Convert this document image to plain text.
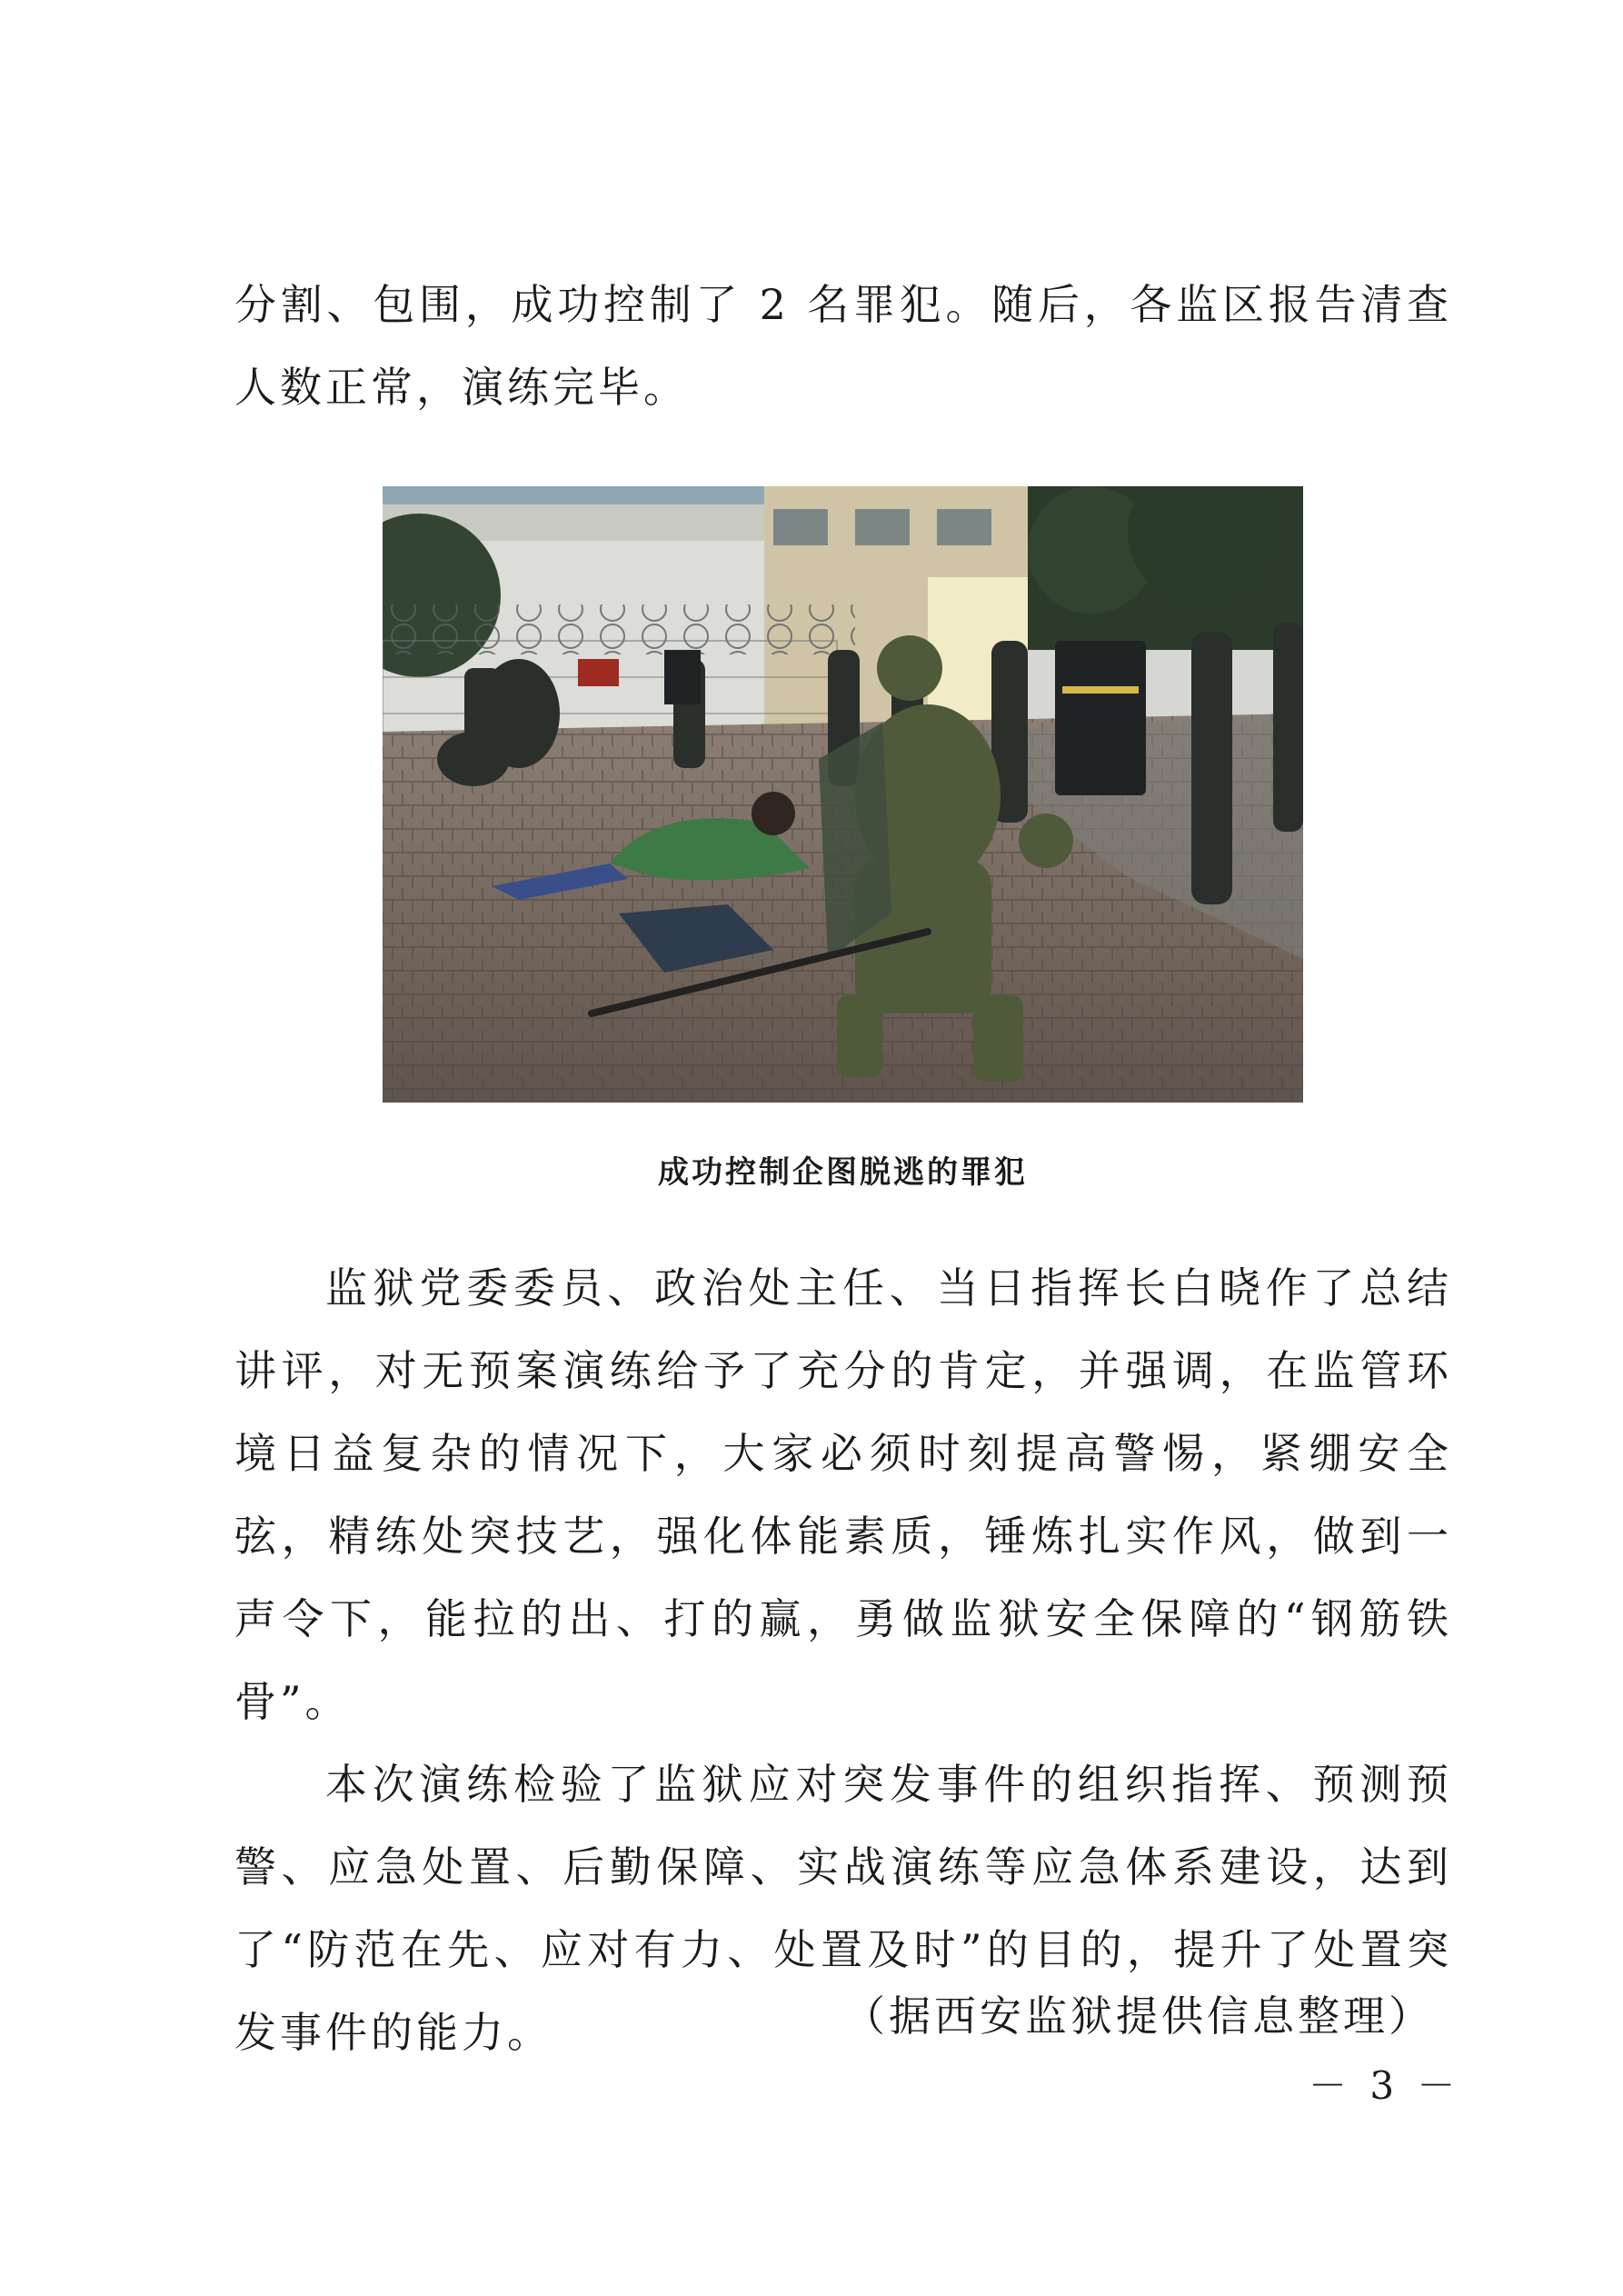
分割、包围，成功控制了 2 名罪犯。随后，各监区报告清查人数正常，演练完毕。

成功控制企图脱逃的罪犯

监狱党委委员、政治处主任、当日指挥长白晓作了总结讲评，对无预案演练给予了充分的肯定，并强调，在监管环境日益复杂的情况下，大家必须时刻提高警惕，紧绷安全弦，精练处突技艺，强化体能素质，锤炼扎实作风，做到一声令下，能拉的出、打的赢，勇做监狱安全保障的“钢筋铁骨”。

本次演练检验了监狱应对突发事件的组织指挥、预测预警、应急处置、后勤保障、实战演练等应急体系建设，达到了“防范在先、应对有力、处置及时”的目的，提升了处置突发事件的能力。	（据西安监狱提供信息整理）
－ 3 －
